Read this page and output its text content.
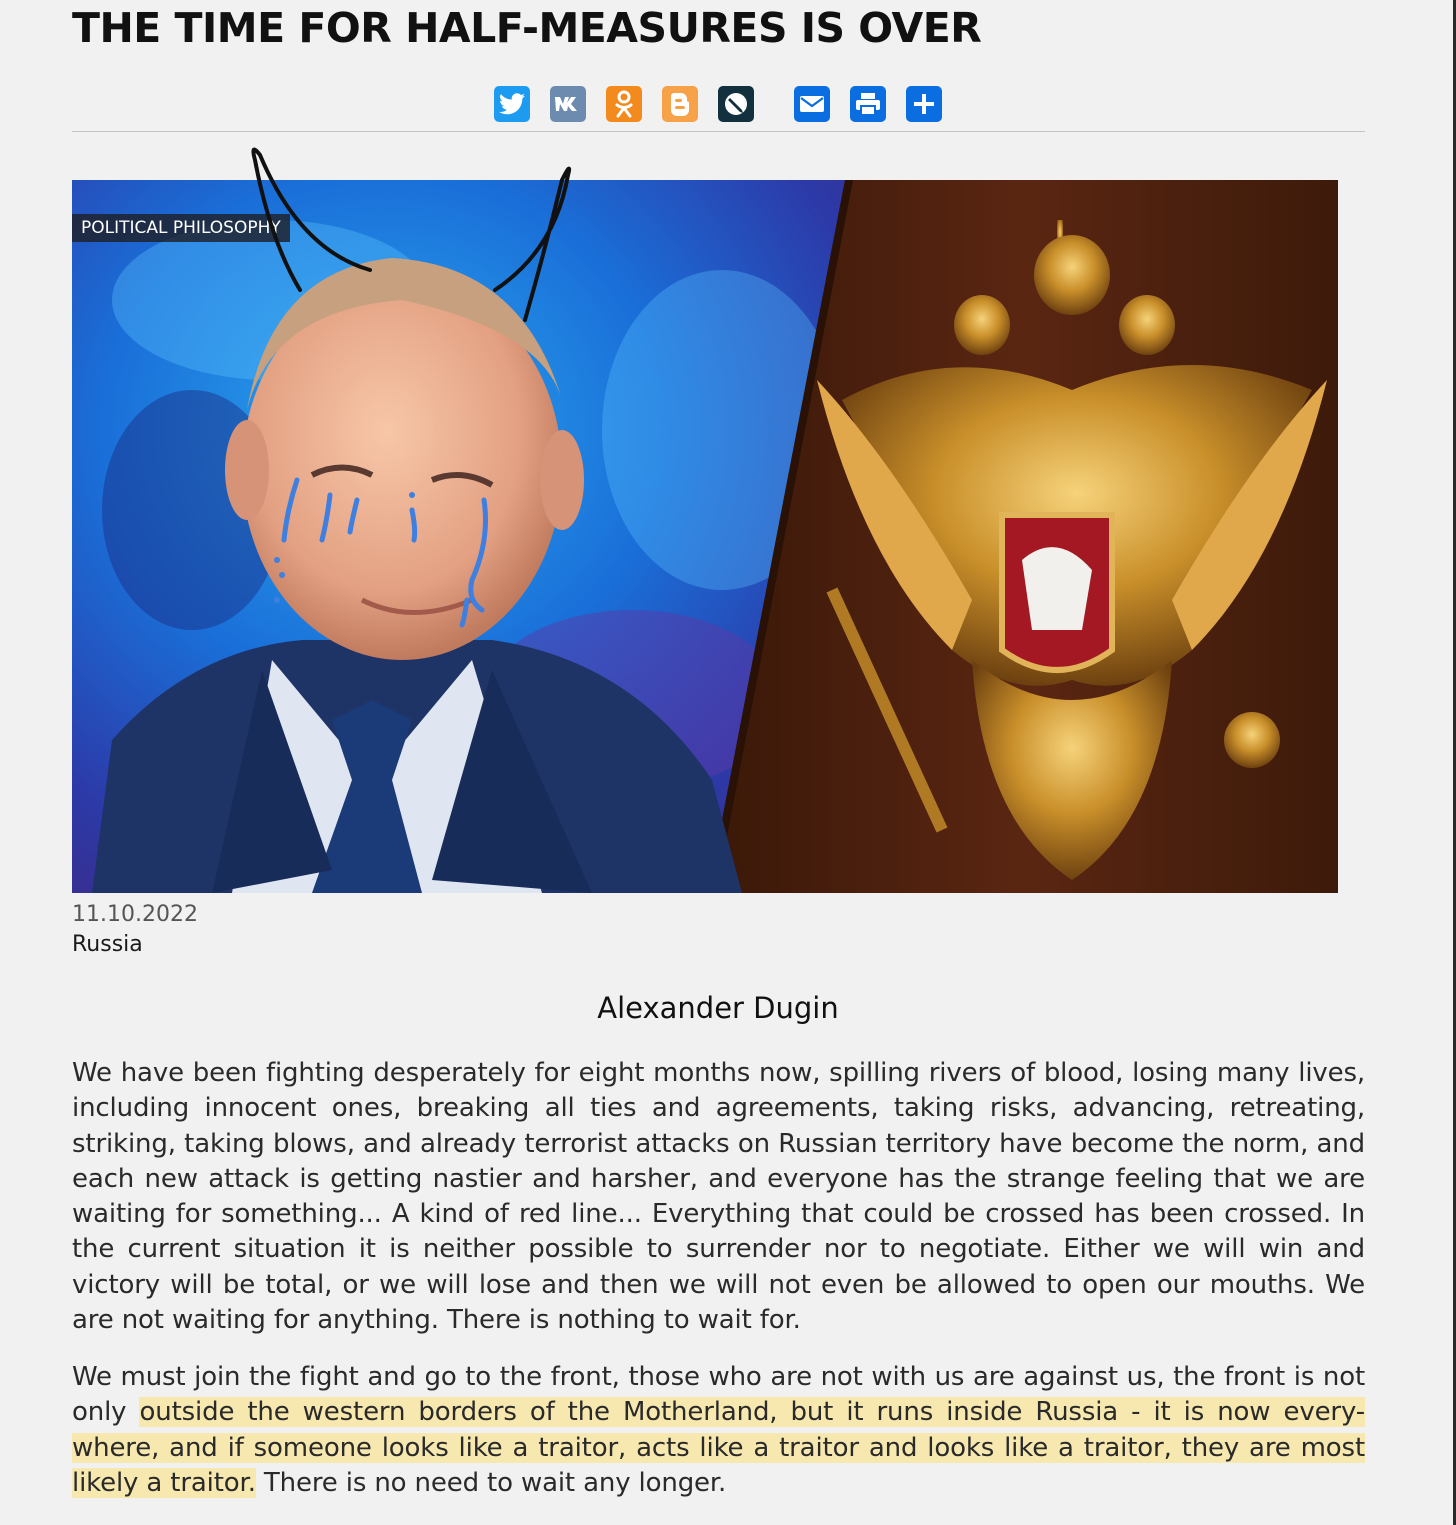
THE TIME FOR HALF-MEASURES IS OVER
POLITICAL PHILOSOPHY
11.10.2022
Russia
Alexander Dugin

We have been fighting desperately for eight months now, spilling rivers of blood, losing many lives, including innocent ones, breaking all ties and agreements, taking risks, advancing, retreating, striking, taking blows, and already terrorist attacks on Russian territory have become the norm, and each new attack is getting nastier and harsher, and everyone has the strange feeling that we are waiting for something... A kind of red line... Everything that could be crossed has been crossed. In the current situation it is neither possible to surrender nor to negotiate. Either we will win and victory will be total, or we will lose and then we will not even be allowed to open our mouths. We are not waiting for anything. There is nothing to wait for.

We must join the fight and go to the front, those who are not with us are against us, the front is not only outside the western borders of the Motherland, but it runs inside Russia - it is now every-where, and if someone looks like a traitor, acts like a traitor and looks like a traitor, they are most likely a traitor. There is no need to wait any longer.
